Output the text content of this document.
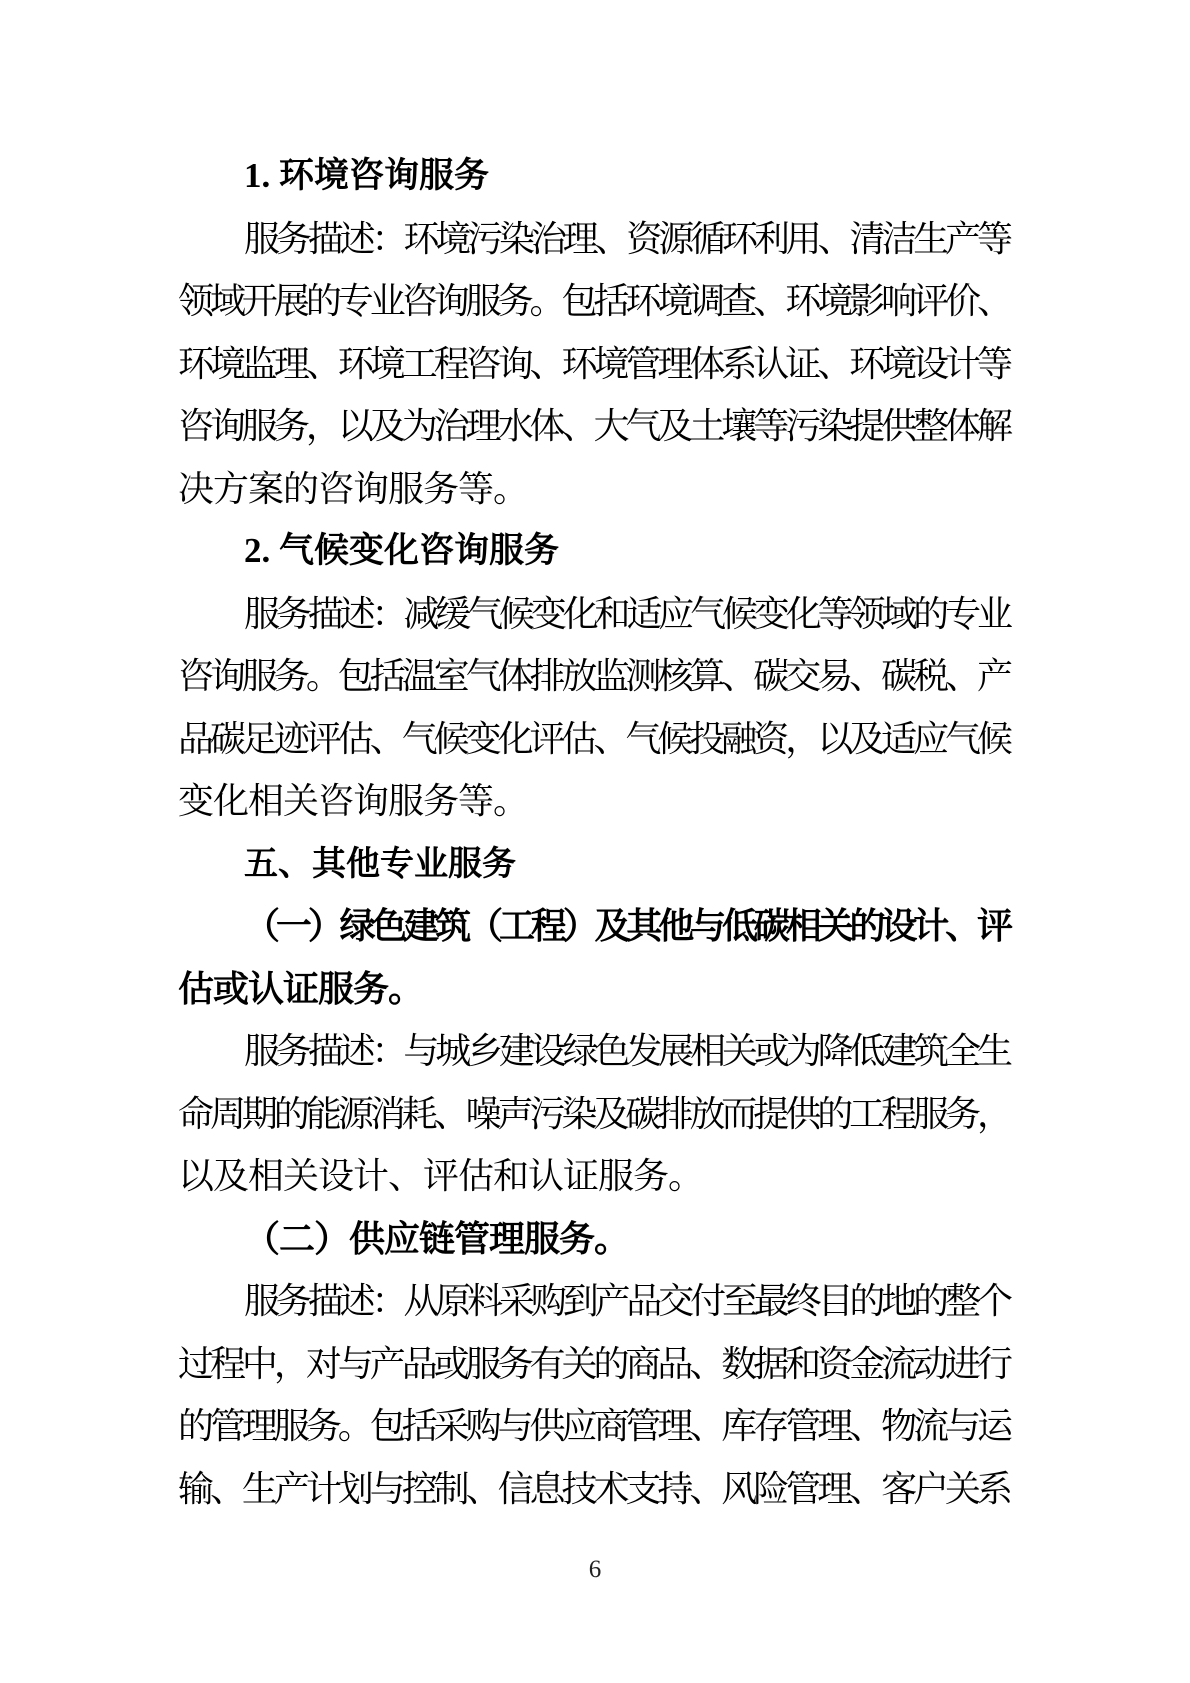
1. 环境咨询服务
服务描述：环境污染治理、资源循环利用、清洁生产等
领域开展的专业咨询服务。包括环境调查、环境影响评价、
环境监理、环境工程咨询、环境管理体系认证、环境设计等
咨询服务，以及为治理水体、大气及土壤等污染提供整体解
决方案的咨询服务等。
2. 气候变化咨询服务
服务描述：减缓气候变化和适应气候变化等领域的专业
咨询服务。包括温室气体排放监测核算、碳交易、碳税、产
品碳足迹评估、气候变化评估、气候投融资，以及适应气候
变化相关咨询服务等。
五、其他专业服务
（一）绿色建筑（工程）及其他与低碳相关的设计、评
估或认证服务。
服务描述：与城乡建设绿色发展相关或为降低建筑全生
命周期的能源消耗、噪声污染及碳排放而提供的工程服务，
以及相关设计、评估和认证服务。
（二）供应链管理服务。
服务描述：从原料采购到产品交付至最终目的地的整个
过程中，对与产品或服务有关的商品、数据和资金流动进行
的管理服务。包括采购与供应商管理、库存管理、物流与运
输、生产计划与控制、信息技术支持、风险管理、客户关系
6
